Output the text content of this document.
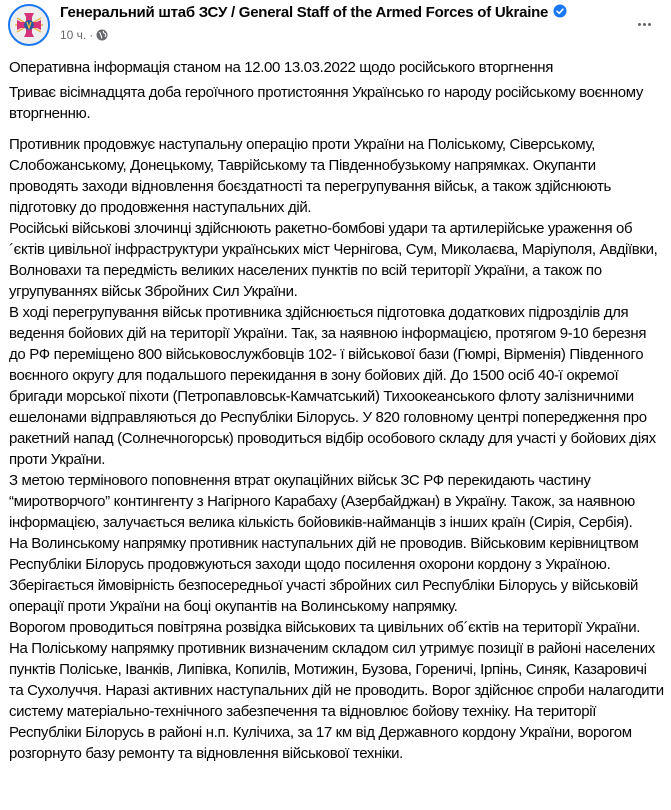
Генеральний штаб ЗСУ / General Staff of the Armed Forces of Ukraine
10 ч. ·

Оперативна інформація станом на 12.00 13.03.2022 щодо російського вторгнення

Триває вісімнадцята доба героїчного протистояння Українсько го народу російському воєнному вторгненню.

Противник продовжує наступальну операцію проти України на Поліському, Сіверському, Слобожанському, Донецькому, Таврійському та Південнобузькому напрямках. Окупанти проводять заходи відновлення боєздатності та перегрупування військ, а також здійснюють підготовку до продовження наступальних дій.

Російські військові злочинці здійснюють ракетно-бомбові удари та артилерійське ураження об´єктів цивільної інфраструктури українських міст Чернігова, Сум, Миколаєва, Маріуполя, Авдіївки, Волновахи та передмість великих населених пунктів по всій території України, а також по угрупуваннях військ Збройних Сил України.

В ході перегрупування військ противника здійснюється підготовка додаткових підрозділів для ведення бойових дій на території України. Так, за наявною інформацією, протягом 9-10 березня до РФ переміщено 800 військовослужбовців 102- ї військової бази (Гюмрі, Вірменія) Південного воєнного округу для подальшого перекидання в зону бойових дій. До 1500 осіб 40-ї окремої бригади морської піхоти (Петропавловськ-Камчатський) Тихоокеанського флоту залізничними ешелонами відправляються до Республіки Білорусь. У 820 головному центрі попередження про ракетний напад (Солнечногорськ) проводиться відбір особового складу для участі у бойових діях проти України.

З метою термінового поповнення втрат окупаційних військ ЗС РФ перекидають частину “миротворчого” контингенту з Нагірного Карабаху (Азербайджан) в Україну. Також, за наявною інформацією, залучається велика кількість бойовиків-найманців з інших країн (Сирія, Сербія).

На Волинському напрямку противник наступальних дій не проводив. Військовим керівництвом Республіки Білорусь продовжуються заходи щодо посилення охорони кордону з Україною. Зберігається ймовірність безпосередньої участі збройних сил Республіки Білорусь у військовій операції проти України на боці окупантів на Волинському напрямку.

Ворогом проводиться повітряна розвідка військових та цивільних об´єктів на території України.

На Поліському напрямку противник визначеним складом сил утримує позиції в районі населених пунктів Поліське, Іванків, Липівка, Копилів, Мотижин, Бузова, Гореничі, Ірпінь, Синяк, Казаровичі та Сухолуччя. Наразі активних наступальних дій не проводить. Ворог здійснює спроби налагодити систему матеріально-технічного забезпечення та відновлює бойову техніку. На території Республіки Білорусь в районі н.п. Кулічиха, за 17 км від Державного кордону України, ворогом розгорнуто базу ремонту та відновлення військової техніки.
